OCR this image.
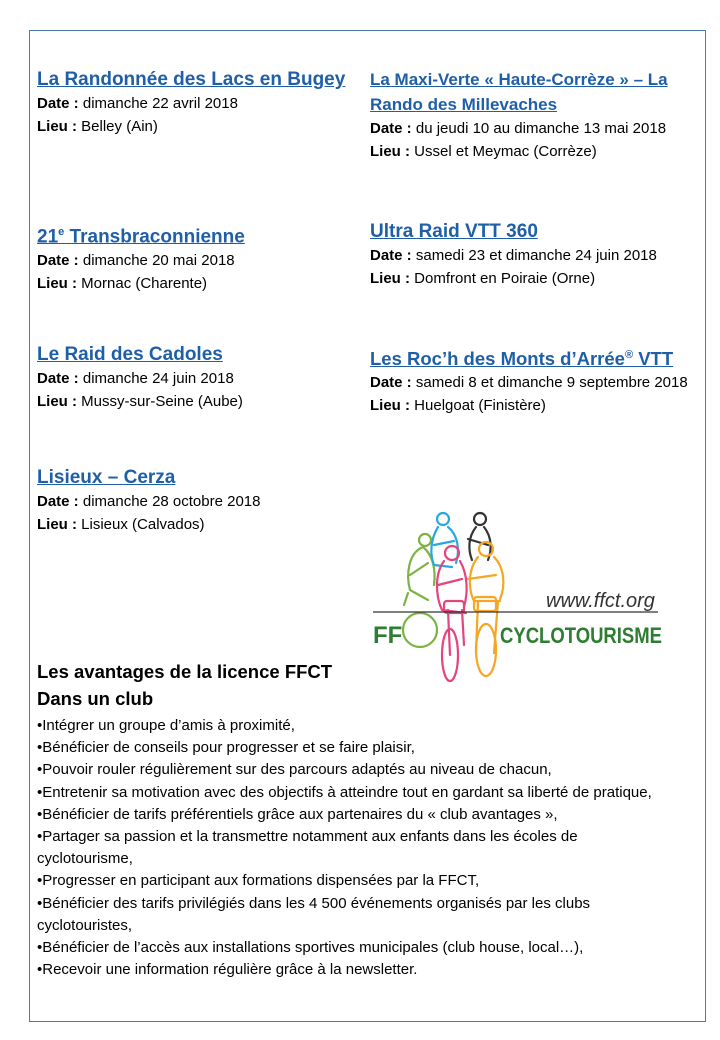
La Randonnée des Lacs en Bugey
Date : dimanche 22 avril 2018
Lieu : Belley (Ain)
La Maxi-Verte « Haute-Corrèze » – La Rando des Millevaches
Date : du jeudi 10 au dimanche 13 mai 2018
Lieu : Ussel et Meymac (Corrèze)
21e Transbraconnienne
Date : dimanche 20 mai 2018
Lieu : Mornac (Charente)
Ultra Raid VTT 360
Date : samedi 23 et dimanche 24 juin 2018
Lieu : Domfront en Poiraie (Orne)
Le Raid des Cadoles
Date : dimanche 24 juin 2018
Lieu : Mussy-sur-Seine (Aube)
Les Roc’h des Monts d’Arrée® VTT
Date : samedi 8 et dimanche 9 septembre 2018
Lieu : Huelgoat (Finistère)
Lisieux – Cerza
Date : dimanche 28 octobre 2018
Lieu : Lisieux (Calvados)
www.ffct.org
FF	CYCLOTOURISME
Les avantages de la licence FFCT
Dans un club
•Intégrer un groupe d’amis à proximité,
•Bénéficier de conseils pour progresser et se faire plaisir,
•Pouvoir rouler régulièrement sur des parcours adaptés au niveau de chacun,
•Entretenir sa motivation avec des objectifs à atteindre tout en gardant sa liberté de pratique,
•Bénéficier de tarifs préférentiels grâce aux partenaires du « club avantages »,
•Partager sa passion et la transmettre notamment aux enfants dans les écoles de cyclotourisme,
•Progresser en participant aux formations dispensées par la FFCT,
•Bénéficier des tarifs privilégiés dans les 4 500 événements organisés par les clubs cyclotouristes,
•Bénéficier de l’accès aux installations sportives municipales (club house, local…),
•Recevoir une information régulière grâce à la newsletter.
